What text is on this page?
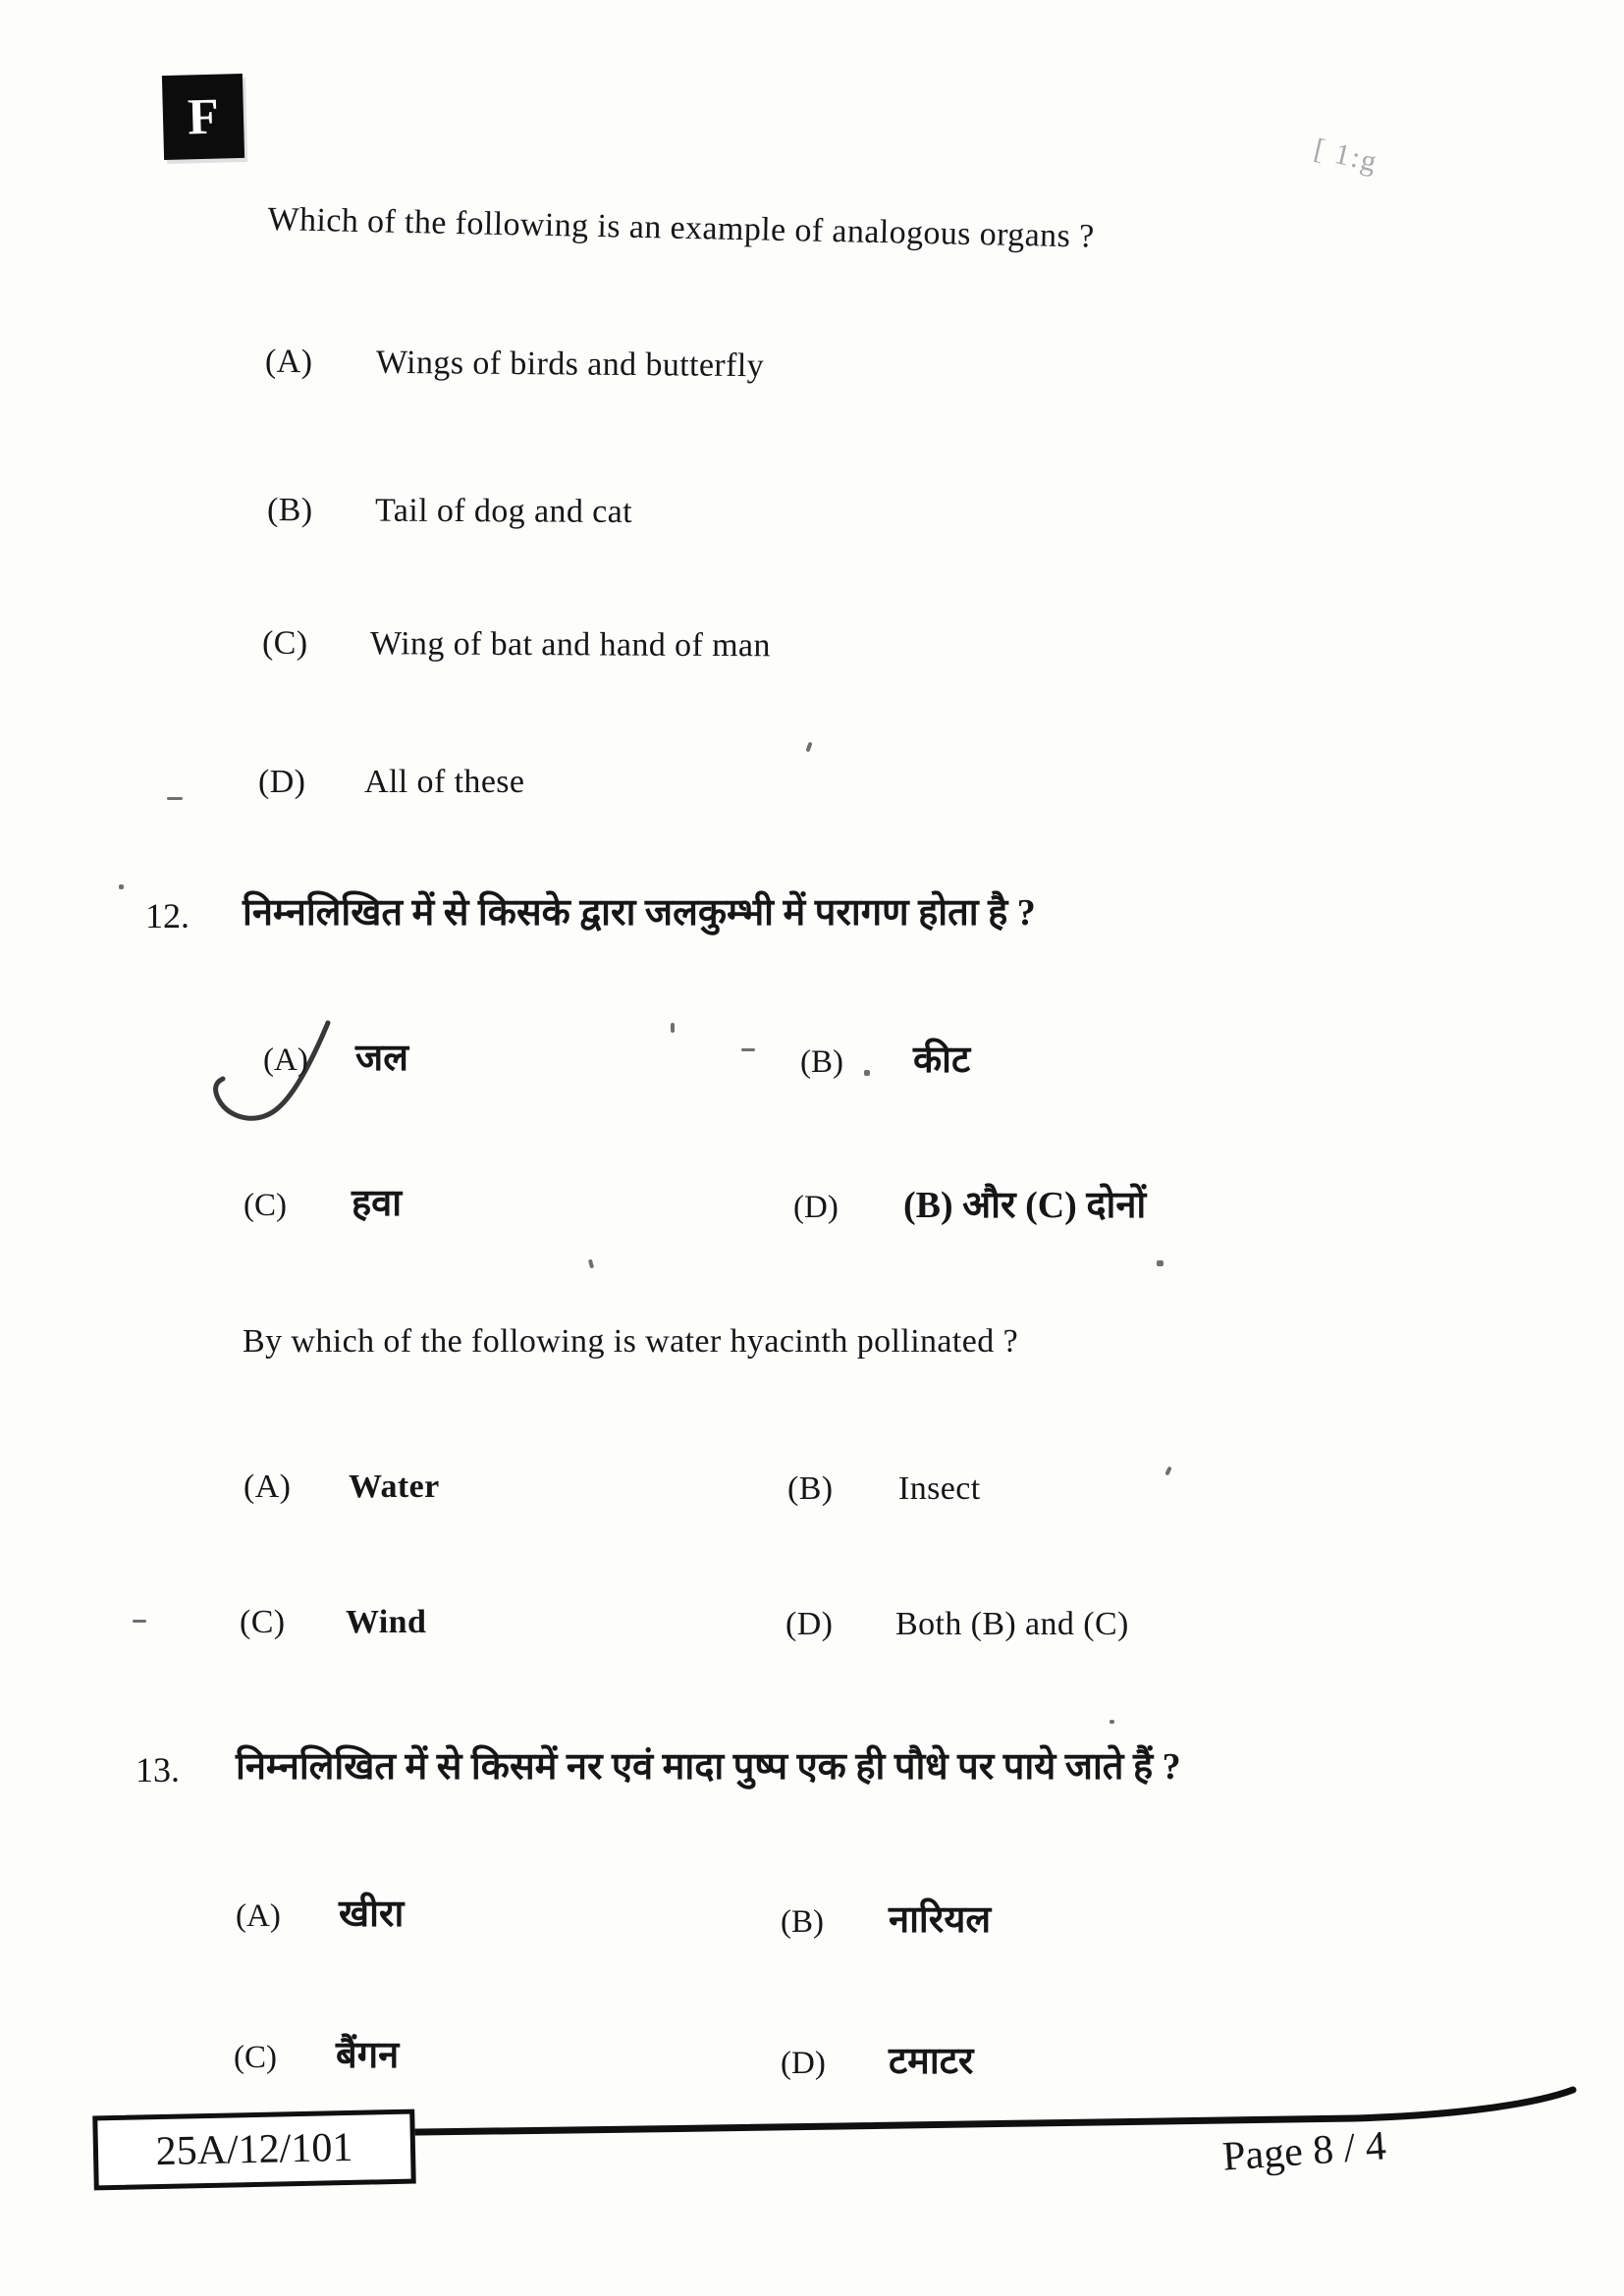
F
[ 1:g
Which of the following is an example of analogous organs ?
(A) Wings of birds and butterfly
(B) Tail of dog and cat
(C) Wing of bat and hand of man
(D) All of these
12. निम्नलिखित में से किसके द्वारा जलकुम्भी में परागण होता है ?
(A) जल	(B) कीट
(C) हवा	(D) (B) और (C) दोनों
By which of the following is water hyacinth pollinated ?
(A) Water	(B) Insect
(C) Wind	(D) Both (B) and (C)
13. निम्नलिखित में से किसमें नर एवं मादा पुष्प एक ही पौधे पर पाये जाते हैं ?
(A) खीरा	(B) नारियल
(C) बैंगन	(D) टमाटर
25A/12/101	Page 8 / 4
